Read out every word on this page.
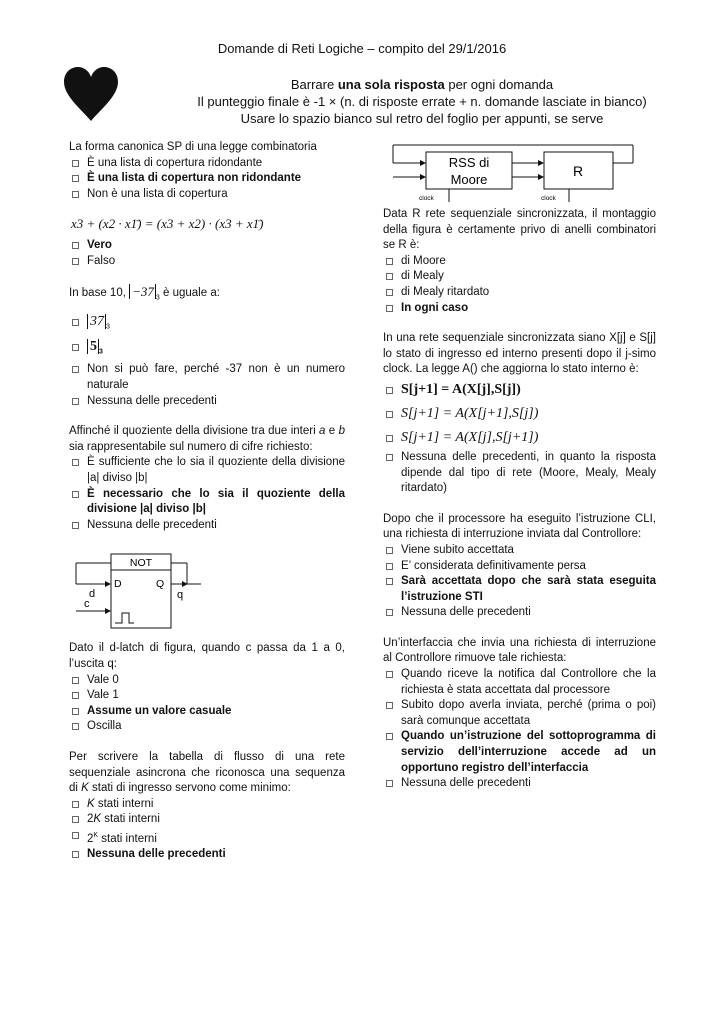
Domande di Reti Logiche – compito del 29/1/2016
Barrare una sola risposta per ogni domanda
Il punteggio finale è -1 × (n. di risposte errate + n. domande lasciate in bianco)
Usare lo spazio bianco sul retro del foglio per appunti, se serve
La forma canonica SP di una legge combinatoria
È una lista di copertura ridondante
È una lista di copertura non ridondante
Non è una lista di copertura
x3 + (x2 · x1̄) = (x3 + x2) · (x3 + x1̄)
Vero
Falso
In base 10, −37 $_3$ è uguale a:
37 $_3$
5 $_3$
Non si può fare, perché -37 non è un numero naturale
Nessuna delle precedenti
Affinché il quoziente della divisione tra due interi a e b sia rappresentabile sul numero di cifre richiesto:
È sufficiente che lo sia il quoziente della divisione |a| diviso |b|
È necessario che lo sia il quoziente della divisione |a| diviso |b|
Nessuna delle precedenti
NOT
D
d
Q
q
c
Dato il d-latch di figura, quando c passa da 1 a 0, l’uscita q:
Vale 0
Vale 1
Assume un valore casuale
Oscilla
Per scrivere la tabella di flusso di una rete sequenziale asincrona che riconosca una sequenza di K stati di ingresso servono come minimo:
K stati interni
2K stati interni
$2^K$ stati interni
Nessuna delle precedenti
RSS di
Moore
R
clock	clock
Data R rete sequenziale sincronizzata, il montaggio della figura è certamente privo di anelli combinatori se R è:
di Moore
di Mealy
di Mealy ritardato
In ogni caso
In una rete sequenziale sincronizzata siano X[j] e S[j] lo stato di ingresso ed interno presenti dopo il j-simo clock. La legge A() che aggiorna lo stato interno è:
S[j+1] = A(X[j],S[j])
S[j+1] = A(X[j+1],S[j])
S[j+1] = A(X[j],S[j+1])
Nessuna delle precedenti, in quanto la risposta dipende dal tipo di rete (Moore, Mealy, Mealy ritardato)
Dopo che il processore ha eseguito l’istruzione CLI, una richiesta di interruzione inviata dal Controllore:
Viene subito accettata
E’ considerata definitivamente persa
Sarà accettata dopo che sarà stata eseguita l’istruzione STI
Nessuna delle precedenti
Un’interfaccia che invia una richiesta di interruzione al Controllore rimuove tale richiesta:
Quando riceve la notifica dal Controllore che la richiesta è stata accettata dal processore
Subito dopo averla inviata, perché (prima o poi) sarà comunque accettata
Quando un’istruzione del sottoprogramma di servizio dell’interruzione accede ad un opportuno registro dell’interfaccia
Nessuna delle precedenti
